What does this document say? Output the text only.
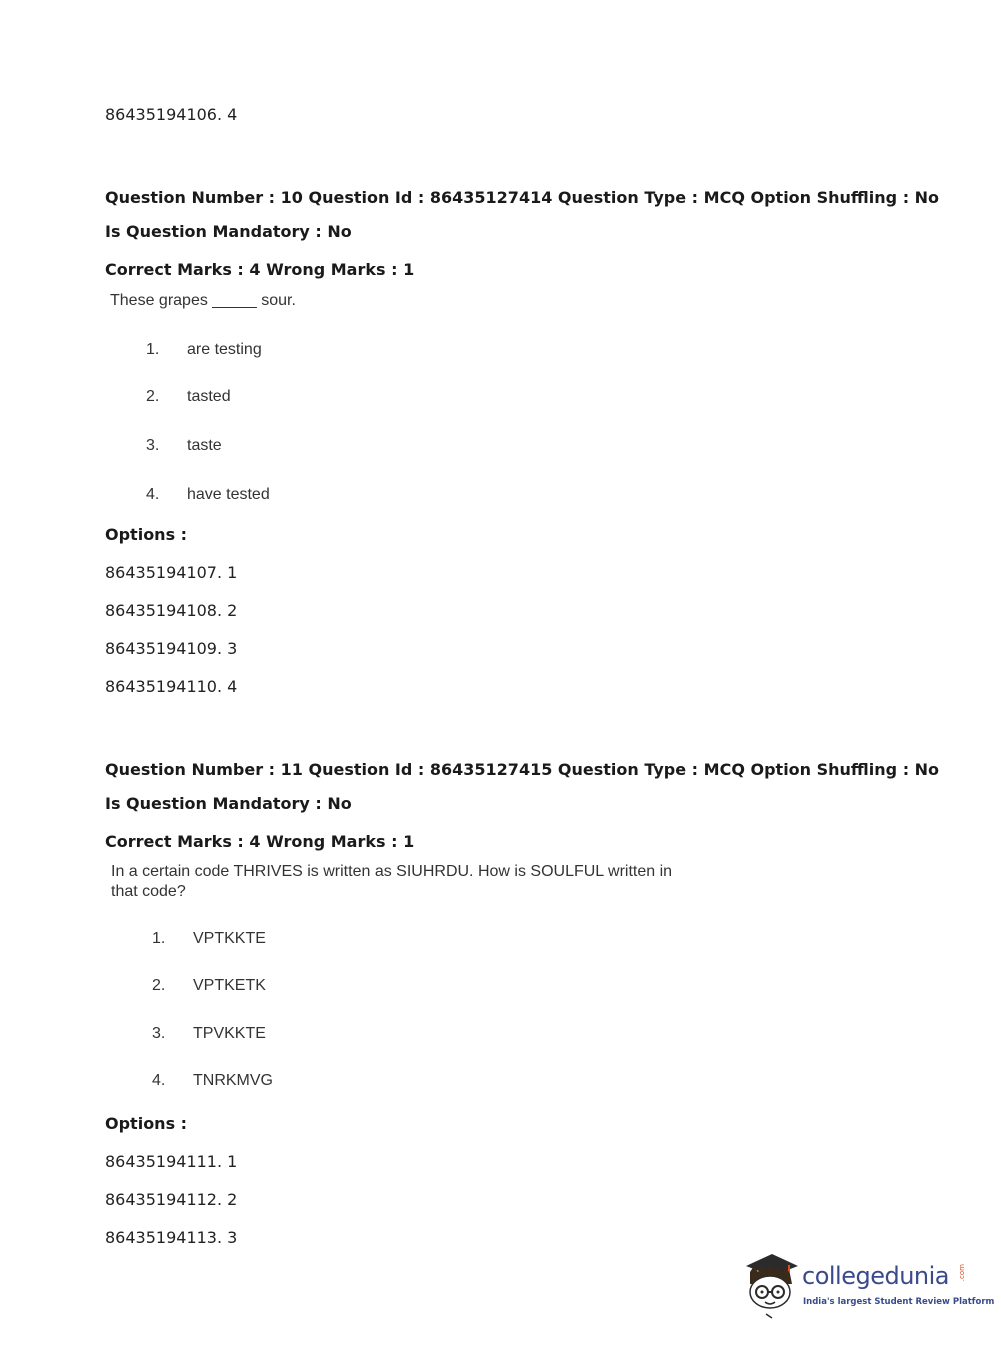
86435194106. 4
Question Number : 10 Question Id : 86435127414 Question Type : MCQ Option Shuffling : No
Is Question Mandatory : No
Correct Marks : 4 Wrong Marks : 1
These grapes _____ sour.
1. are testing
2. tasted
3. taste
4. have tested
Options :
86435194107. 1
86435194108. 2
86435194109. 3
86435194110. 4
Question Number : 11 Question Id : 86435127415 Question Type : MCQ Option Shuffling : No
Is Question Mandatory : No
Correct Marks : 4 Wrong Marks : 1
In a certain code THRIVES is written as SIUHRDU. How is SOULFUL written in
that code?
1. VPTKKTE
2. VPTKETK
3. TPVKKTE
4. TNRKMVG
Options :
86435194111. 1
86435194112. 2
86435194113. 3
collegedunia .com
India's largest Student Review Platform
